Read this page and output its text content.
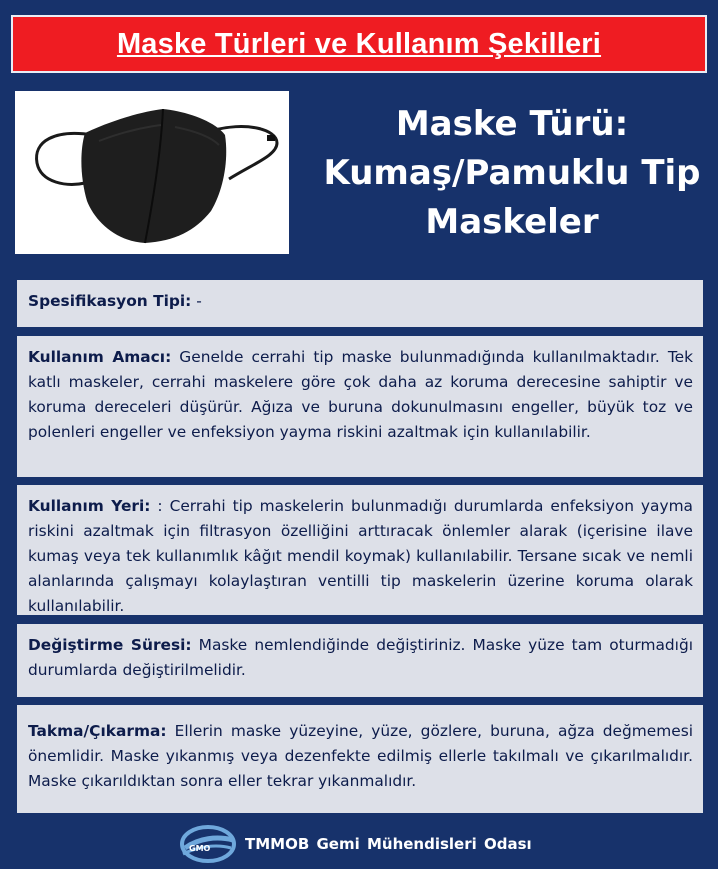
Maske Türleri ve Kullanım Şekilleri
Maske Türü:
Kumaş/Pamuklu Tip
Maskeler
Spesifikasyon Tipi: -
Kullanım Amacı: Genelde cerrahi tip maske bulunmadığında kullanılmaktadır. Tek katlı maskeler, cerrahi maskelere göre çok daha az koruma derecesine sahiptir ve koruma dereceleri düşürür. Ağıza ve buruna dokunulmasını engeller, büyük toz ve polenleri engeller ve enfeksiyon yayma riskini azaltmak için kullanılabilir.
Kullanım Yeri: : Cerrahi tip maskelerin bulunmadığı durumlarda enfeksiyon yayma riskini azaltmak için filtrasyon özelliğini arttıracak önlemler alarak (içerisine ilave kumaş veya tek kullanımlık kâğıt mendil koymak) kullanılabilir. Tersane sıcak ve nemli alanlarında çalışmayı kolaylaştıran ventilli tip maskelerin üzerine koruma olarak kullanılabilir.
Değiştirme Süresi: Maske nemlendiğinde değiştiriniz. Maske yüze tam oturmadığı durumlarda değiştirilmelidir.
Takma/Çıkarma: Ellerin maske yüzeyine, yüze, gözlere, buruna, ağza değmemesi önemlidir. Maske yıkanmış veya dezenfekte edilmiş ellerle takılmalı ve çıkarılmalıdır. Maske çıkarıldıktan sonra eller tekrar yıkanmalıdır.
GMO TMMOB Gemi Mühendisleri Odası
